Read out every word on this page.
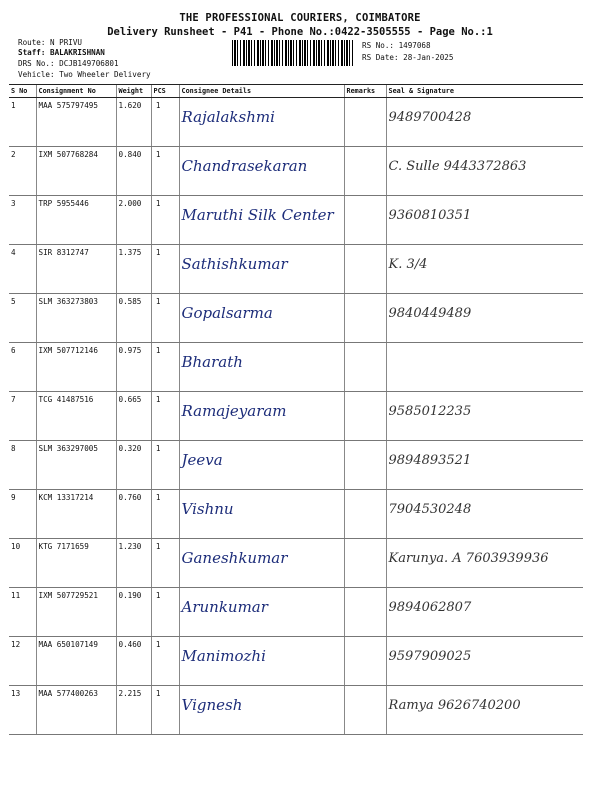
THE PROFESSIONAL COURIERS, COIMBATORE
Delivery Runsheet - P41 - Phone No.:0422-3505555 - Page No.:1
Route: N PRIVU
Staff: BALAKRISHNAN
DRS No.: DCJB149706801
Vehicle: Two Wheeler Delivery
RS No.: 1497068
RS Date: 28-Jan-2025
S No	Consignment No	Weight	PCS	Consignee Details	Remarks	Seal & Signature
1	MAA 575797495	1.620	1	Rajalakshmi		9489700428
2	IXM 507768284	0.840	1	Chandrasekaran		C. Sulle 9443372863
3	TRP 5955446	2.000	1	Maruthi Silk Center		9360810351
4	SIR 8312747	1.375	1	Sathishkumar		K. 3/4
5	SLM 363273803	0.585	1	Gopalsarma		9840449489
6	IXM 507712146	0.975	1	Bharath		
7	TCG 41487516	0.665	1	Ramajeyaram		9585012235
8	SLM 363297005	0.320	1	Jeeva		9894893521
9	KCM 13317214	0.760	1	Vishnu		7904530248
10	KTG 7171659	1.230	1	Ganeshkumar		Karunya. A 7603939936
11	IXM 507729521	0.190	1	Arunkumar		9894062807
12	MAA 650107149	0.460	1	Manimozhi		9597909025
13	MAA 577400263	2.215	1	Vignesh		Ramya 9626740200
